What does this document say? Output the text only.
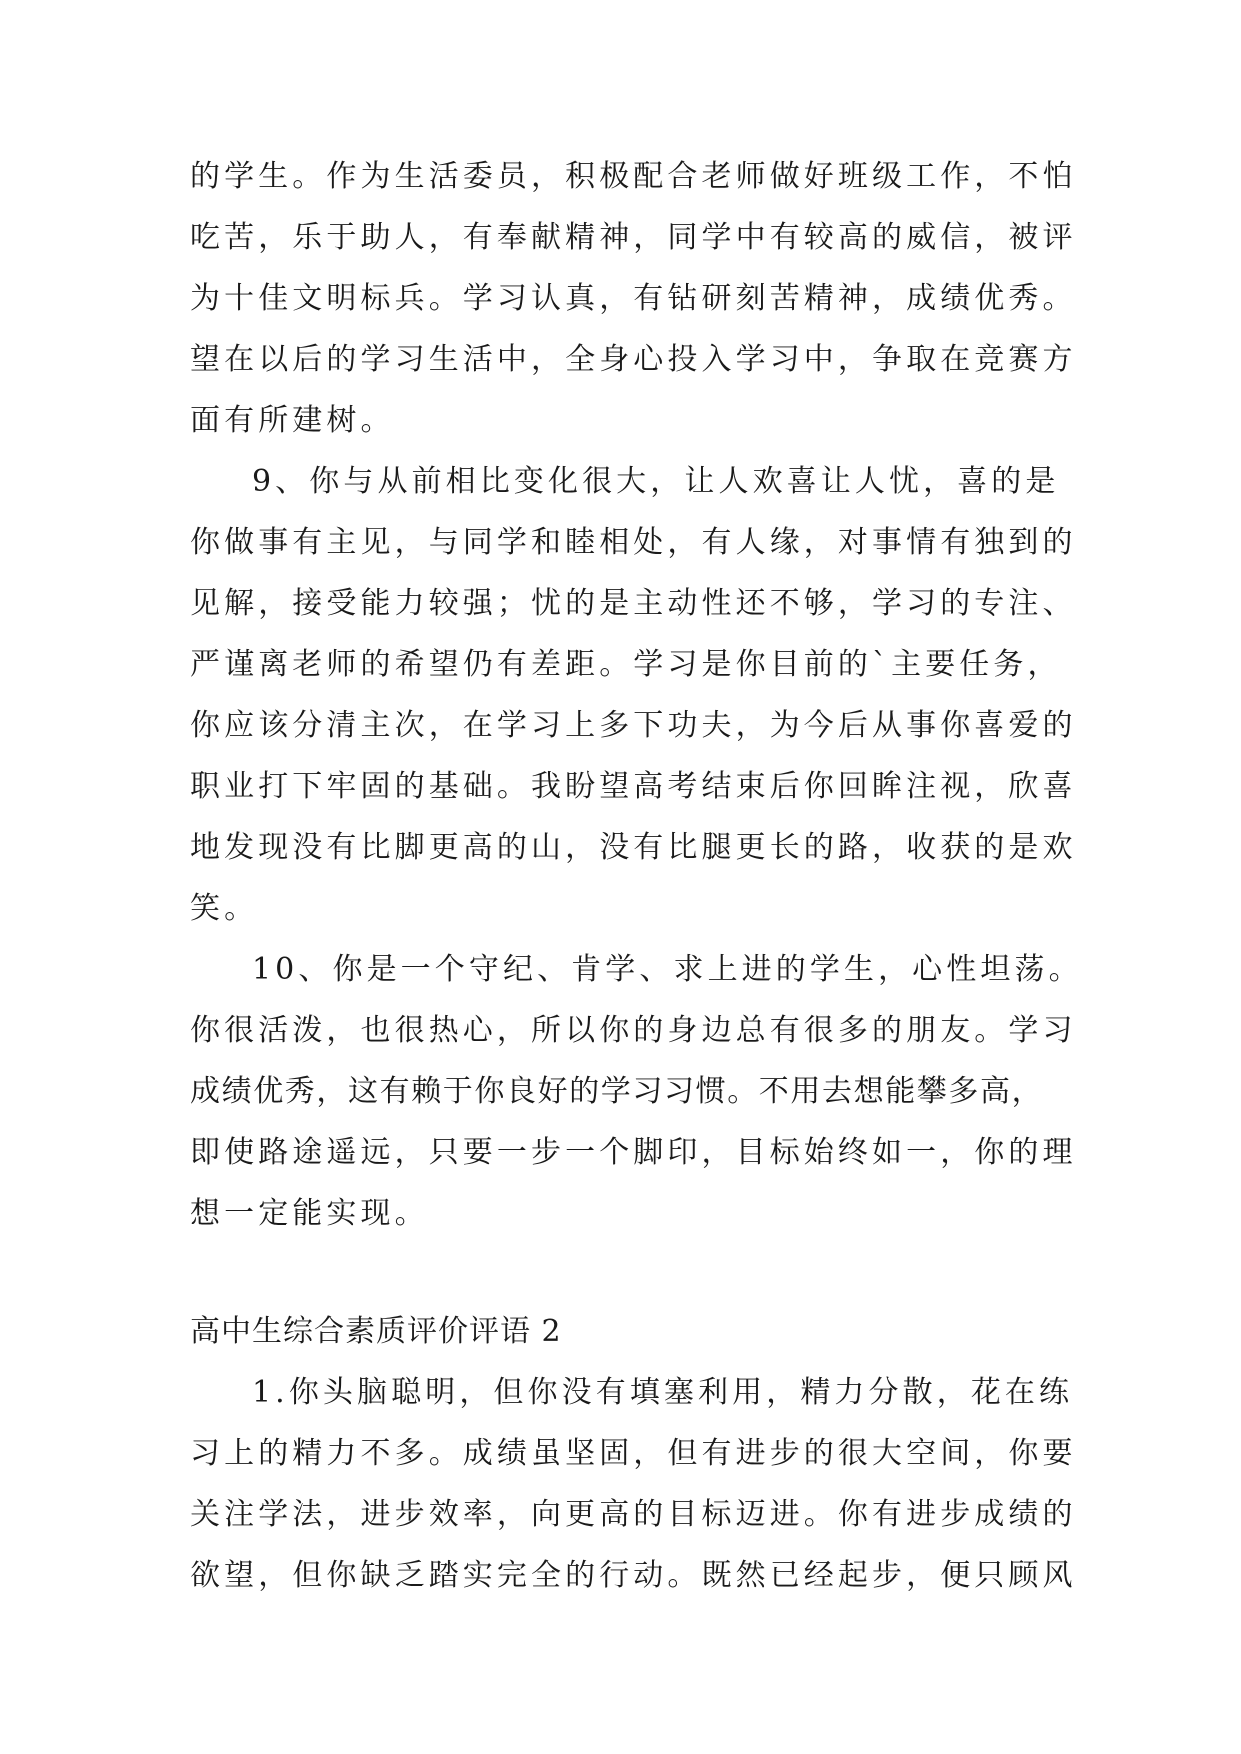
的学生。作为生活委员，积极配合老师做好班级工作，不怕
吃苦，乐于助人，有奉献精神，同学中有较高的威信，被评
为十佳文明标兵。学习认真，有钻研刻苦精神，成绩优秀。
望在以后的学习生活中，全身心投入学习中，争取在竞赛方
面有所建树。
9、你与从前相比变化很大，让人欢喜让人忧，喜的是
你做事有主见，与同学和睦相处，有人缘，对事情有独到的
见解，接受能力较强；忧的是主动性还不够，学习的专注、
严谨离老师的希望仍有差距。学习是你目前的`主要任务，
你应该分清主次，在学习上多下功夫，为今后从事你喜爱的
职业打下牢固的基础。我盼望高考结束后你回眸注视，欣喜
地发现没有比脚更高的山，没有比腿更长的路，收获的是欢
笑。
10、你是一个守纪、肯学、求上进的学生，心性坦荡。
你很活泼，也很热心，所以你的身边总有很多的朋友。学习
成绩优秀，这有赖于你良好的学习习惯。不用去想能攀多高，
即使路途遥远，只要一步一个脚印，目标始终如一，你的理
想一定能实现。
高中生综合素质评价评语 2
1.你头脑聪明，但你没有填塞利用，精力分散，花在练
习上的精力不多。成绩虽坚固，但有进步的很大空间，你要
关注学法，进步效率，向更高的目标迈进。你有进步成绩的
欲望，但你缺乏踏实完全的行动。既然已经起步，便只顾风
